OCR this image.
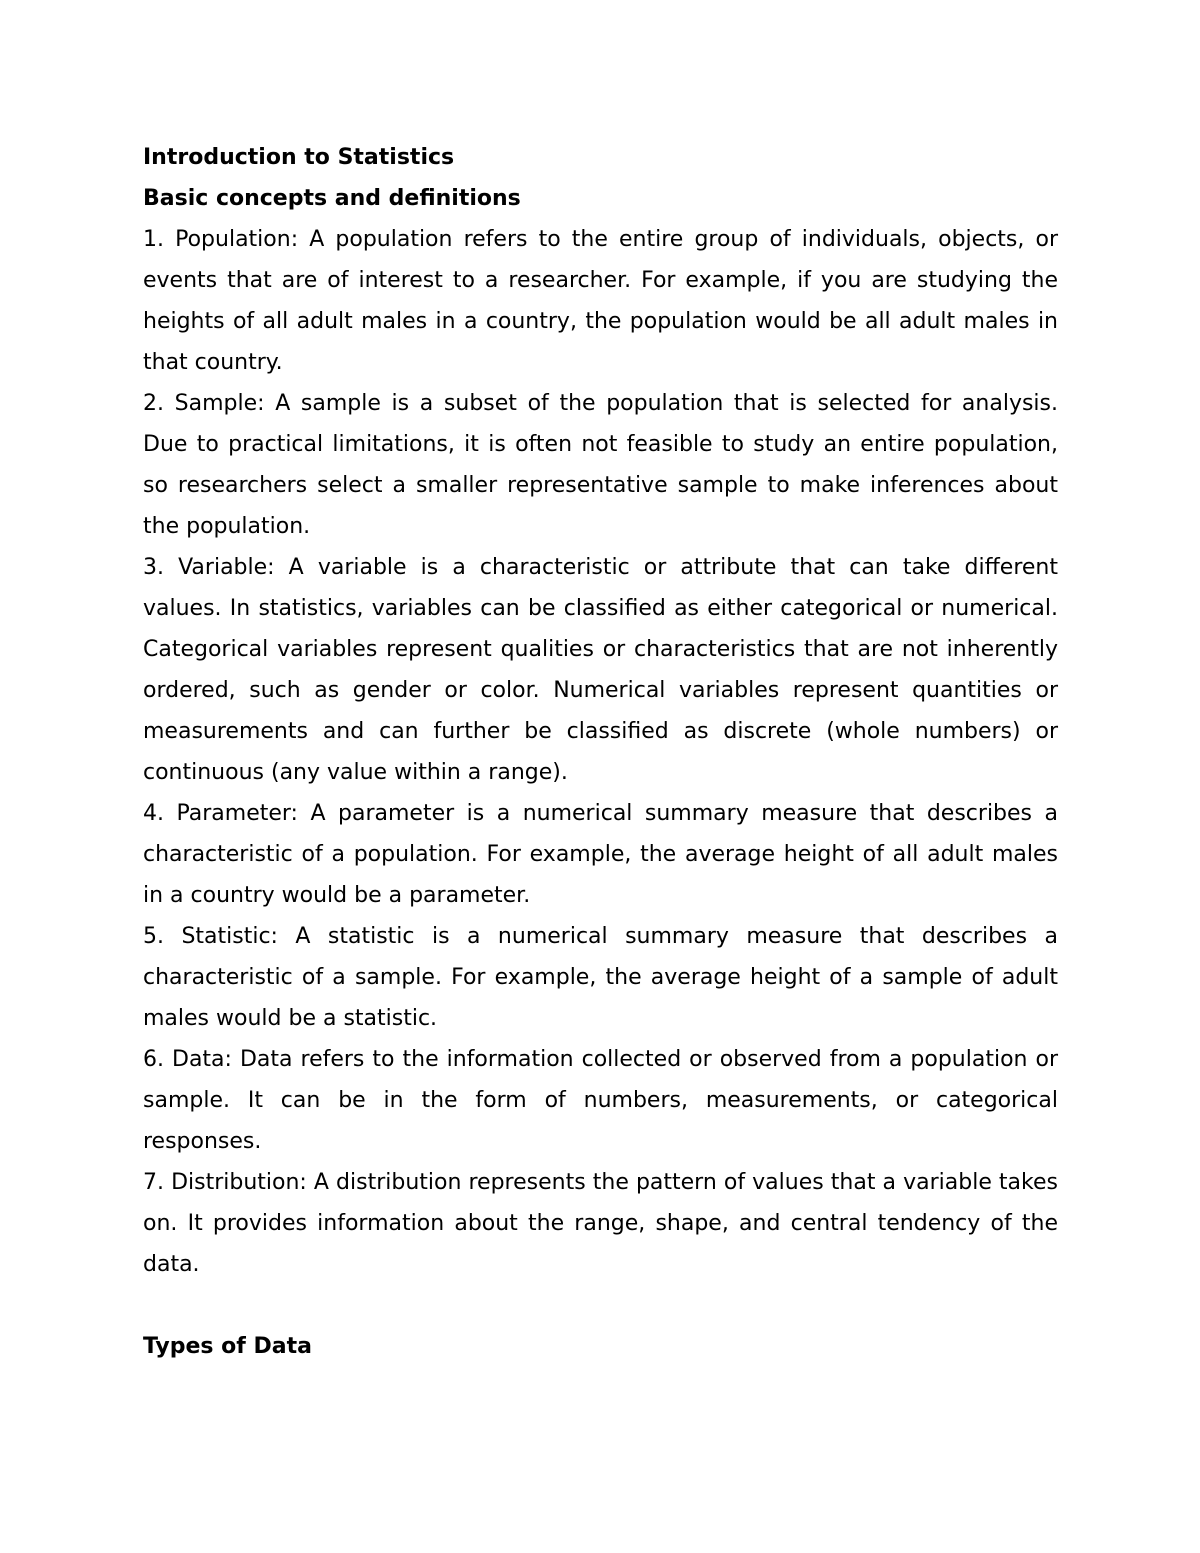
Introduction to Statistics

Basic concepts and definitions

1. Population: A population refers to the entire group of individuals, objects, or events that are of interest to a researcher. For example, if you are studying the heights of all adult males in a country, the population would be all adult males in that country.

2. Sample: A sample is a subset of the population that is selected for analysis. Due to practical limitations, it is often not feasible to study an entire population, so researchers select a smaller representative sample to make inferences about the population.

3. Variable: A variable is a characteristic or attribute that can take different values. In statistics, variables can be classified as either categorical or numerical. Categorical variables represent qualities or characteristics that are not inherently ordered, such as gender or color. Numerical variables represent quantities or measurements and can further be classified as discrete (whole numbers) or continuous (any value within a range).

4. Parameter: A parameter is a numerical summary measure that describes a characteristic of a population. For example, the average height of all adult males in a country would be a parameter.

5. Statistic: A statistic is a numerical summary measure that describes a characteristic of a sample. For example, the average height of a sample of adult males would be a statistic.

6. Data: Data refers to the information collected or observed from a population or sample. It can be in the form of numbers, measurements, or categorical responses.

7. Distribution: A distribution represents the pattern of values that a variable takes on. It provides information about the range, shape, and central tendency of the data.

Types of Data
